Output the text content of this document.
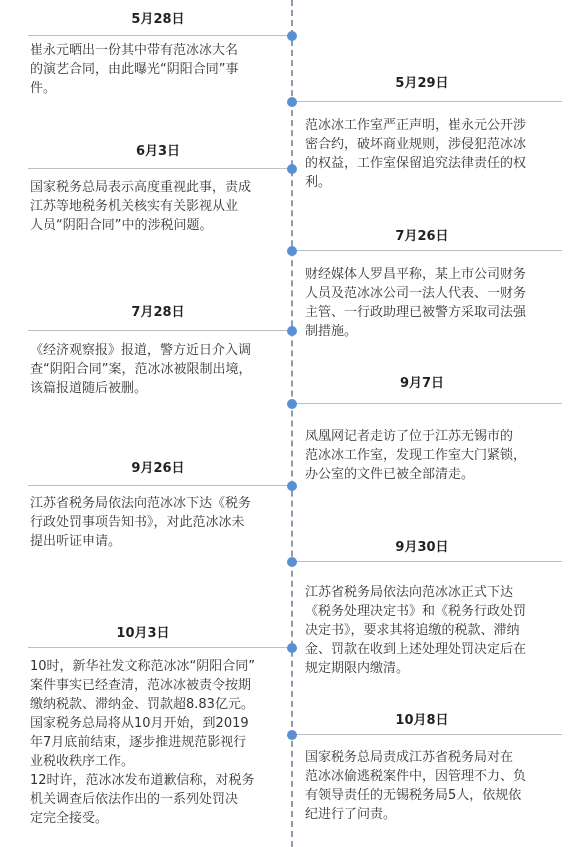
5月28日

崔永元晒出一份其中带有范冰冰大名
的演艺合同，由此曝光“阴阳合同”事
件。

6月3日

国家税务总局表示高度重视此事，责成
江苏等地税务机关核实有关影视从业
人员“阴阳合同”中的涉税问题。

7月28日

《经济观察报》报道，警方近日介入调
查“阴阳合同”案，范冰冰被限制出境，
该篇报道随后被删。

9月26日

江苏省税务局依法向范冰冰下达《税务
行政处罚事项告知书》，对此范冰冰未
提出听证申请。

10月3日

10时，新华社发文称范冰冰“阴阳合同”
案件事实已经查清，范冰冰被责令按期
缴纳税款、滞纳金、罚款超8.83亿元。
国家税务总局将从10月开始，到2019
年7月底前结束，逐步推进规范影视行
业税收秩序工作。
12时许，范冰冰发布道歉信称，对税务
机关调查后依法作出的一系列处罚决
定完全接受。

5月29日

范冰冰工作室严正声明，崔永元公开涉
密合约，破坏商业规则，涉侵犯范冰冰
的权益，工作室保留追究法律责任的权
利。

7月26日

财经媒体人罗昌平称，某上市公司财务
人员及范冰冰公司一法人代表、一财务
主管、一行政助理已被警方采取司法强
制措施。

9月7日

凤凰网记者走访了位于江苏无锡市的
范冰冰工作室，发现工作室大门紧锁，
办公室的文件已被全部清走。

9月30日

江苏省税务局依法向范冰冰正式下达
《税务处理决定书》和《税务行政处罚
决定书》，要求其将追缴的税款、滞纳
金、罚款在收到上述处理处罚决定后在
规定期限内缴清。

10月8日

国家税务总局责成江苏省税务局对在
范冰冰偷逃税案件中，因管理不力、负
有领导责任的无锡税务局5人，依规依
纪进行了问责。
